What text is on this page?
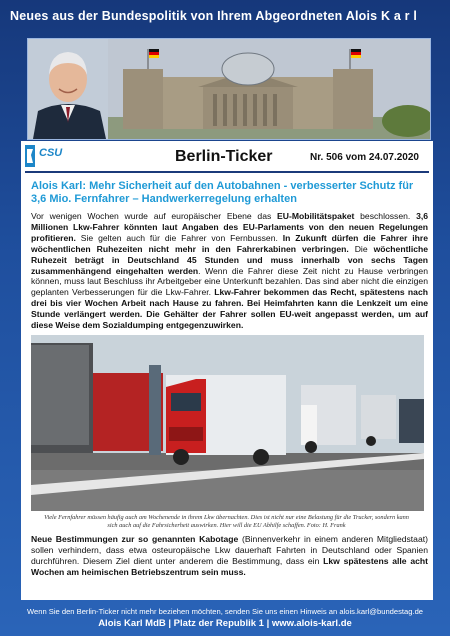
Neues aus der Bundespolitik von Ihrem Abgeordneten Alois K a r l
CSU	Berlin-Ticker	Nr. 506 vom 24.07.2020
Alois Karl: Mehr Sicherheit auf den Autobahnen - verbesserter Schutz für 3,6 Mio. Fernfahrer – Handwerkerregelung erhalten
Vor wenigen Wochen wurde auf europäischer Ebene das EU-Mobilitätspaket beschlossen. 3,6 Millionen Lkw-Fahrer könnten laut Angaben des EU-Parlaments von den neuen Regelungen profitieren. Sie gelten auch für die Fahrer von Fernbussen. In Zukunft dürfen die Fahrer ihre wöchentlichen Ruhezeiten nicht mehr in den Fahrerkabinen verbringen. Die wöchentliche Ruhezeit beträgt in Deutschland 45 Stunden und muss innerhalb von sechs Tagen zusammenhängend eingehalten werden. Wenn die Fahrer diese Zeit nicht zu Hause verbringen können, muss laut Beschluss ihr Arbeitgeber eine Unterkunft bezahlen. Das sind aber nicht die einzigen geplanten Verbesserungen für die Lkw-Fahrer. Lkw-Fahrer bekommen das Recht, spätestens nach drei bis vier Wochen Arbeit nach Hause zu fahren. Bei Heimfahrten kann die Lenkzeit um eine Stunde verlängert werden. Die Gehälter der Fahrer sollen EU-weit angepasst werden, um auf diese Weise dem Sozialdumping entgegenzuwirken.
Viele Fernfahrer müssen häufig auch am Wochenende in ihrem Lkw übernachten. Dies ist nicht nur eine Belastung für die Trucker, sondern kann sich auch auf die Fahrsicherheit auswirken. Hier will die EU Abhilfe schaffen. Foto: H. Frank
Neue Bestimmungen zur so genannten Kabotage (Binnenverkehr in einem anderen Mitgliedstaat) sollen verhindern, dass etwa osteuropäische Lkw dauerhaft Fahrten in Deutschland oder Spanien durchführen. Diesem Ziel dient unter anderem die Bestimmung, dass ein Lkw spätestens alle acht Wochen am heimischen Betriebszentrum sein muss.
Wenn Sie den Berlin-Ticker nicht mehr beziehen möchten, senden Sie uns einen Hinweis an alois.karl@bundestag.de
Alois Karl MdB | Platz der Republik 1 | www.alois-karl.de
